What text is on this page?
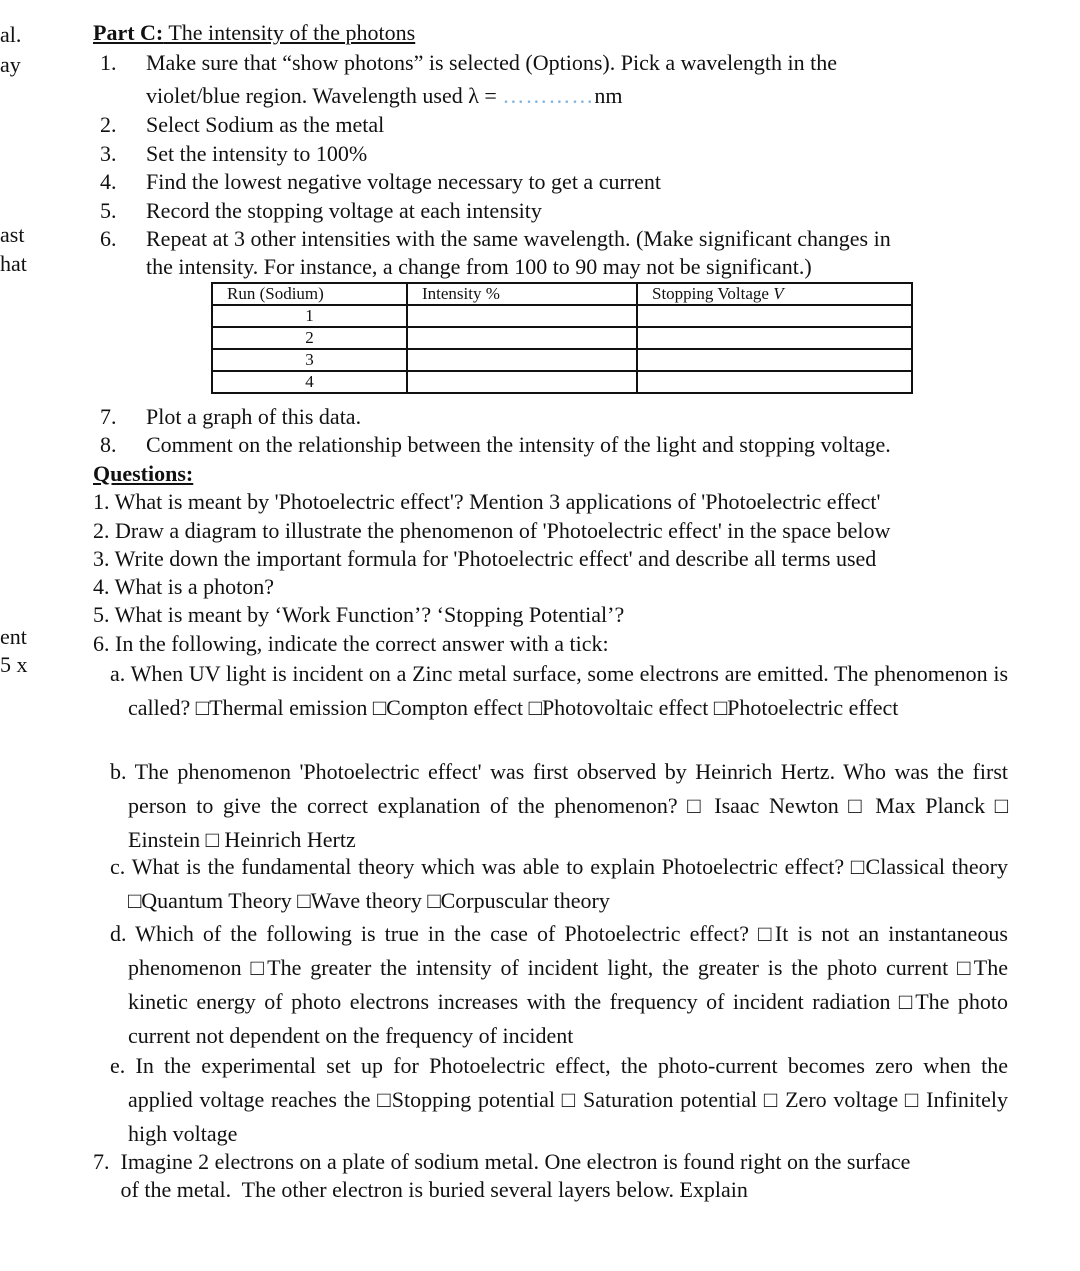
al.
ay
ast
hat
ent
5 x
Part C: The intensity of the photons
1.	Make sure that “show photons” is selected (Options). Pick a wavelength in the
violet/blue region. Wavelength used λ = …………nm
2.	Select Sodium as the metal
3.	Set the intensity to 100%
4.	Find the lowest negative voltage necessary to get a current
5.	Record the stopping voltage at each intensity
6.	Repeat at 3 other intensities with the same wavelength. (Make significant changes in
the intensity. For instance, a change from 100 to 90 may not be significant.)
Run (Sodium)	Intensity %	Stopping Voltage V
1		
2		
3		
4		
7.	Plot a graph of this data.
8.	Comment on the relationship between the intensity of the light and stopping voltage.
Questions:
1. What is meant by 'Photoelectric effect'? Mention 3 applications of 'Photoelectric effect'
2. Draw a diagram to illustrate the phenomenon of 'Photoelectric effect' in the space below
3. Write down the important formula for 'Photoelectric effect' and describe all terms used
4. What is a photon?
5. What is meant by ‘Work Function’? ‘Stopping Potential’?
6. In the following, indicate the correct answer with a tick:
a. When UV light is incident on a Zinc metal surface, some electrons are emitted. The phenomenon is called? □Thermal emission □Compton effect □Photovoltaic effect □Photoelectric effect
b. The phenomenon 'Photoelectric effect' was first observed by Heinrich Hertz. Who was the first person to give the correct explanation of the phenomenon? □ Isaac Newton □ Max Planck □ Einstein □ Heinrich Hertz
c. What is the fundamental theory which was able to explain Photoelectric effect? □Classical theory □Quantum Theory □Wave theory □Corpuscular theory
d. Which of the following is true in the case of Photoelectric effect? □It is not an instantaneous phenomenon □The greater the intensity of incident light, the greater is the photo current □The kinetic energy of photo electrons increases with the frequency of incident radiation □The photo current not dependent on the frequency of incident
e. In the experimental set up for Photoelectric effect, the photo-current becomes zero when the applied voltage reaches the □Stopping potential □ Saturation potential □ Zero voltage □ Infinitely high voltage
7.  Imagine 2 electrons on a plate of sodium metal. One electron is found right on the surface
of the metal.  The other electron is buried several layers below. Explain
